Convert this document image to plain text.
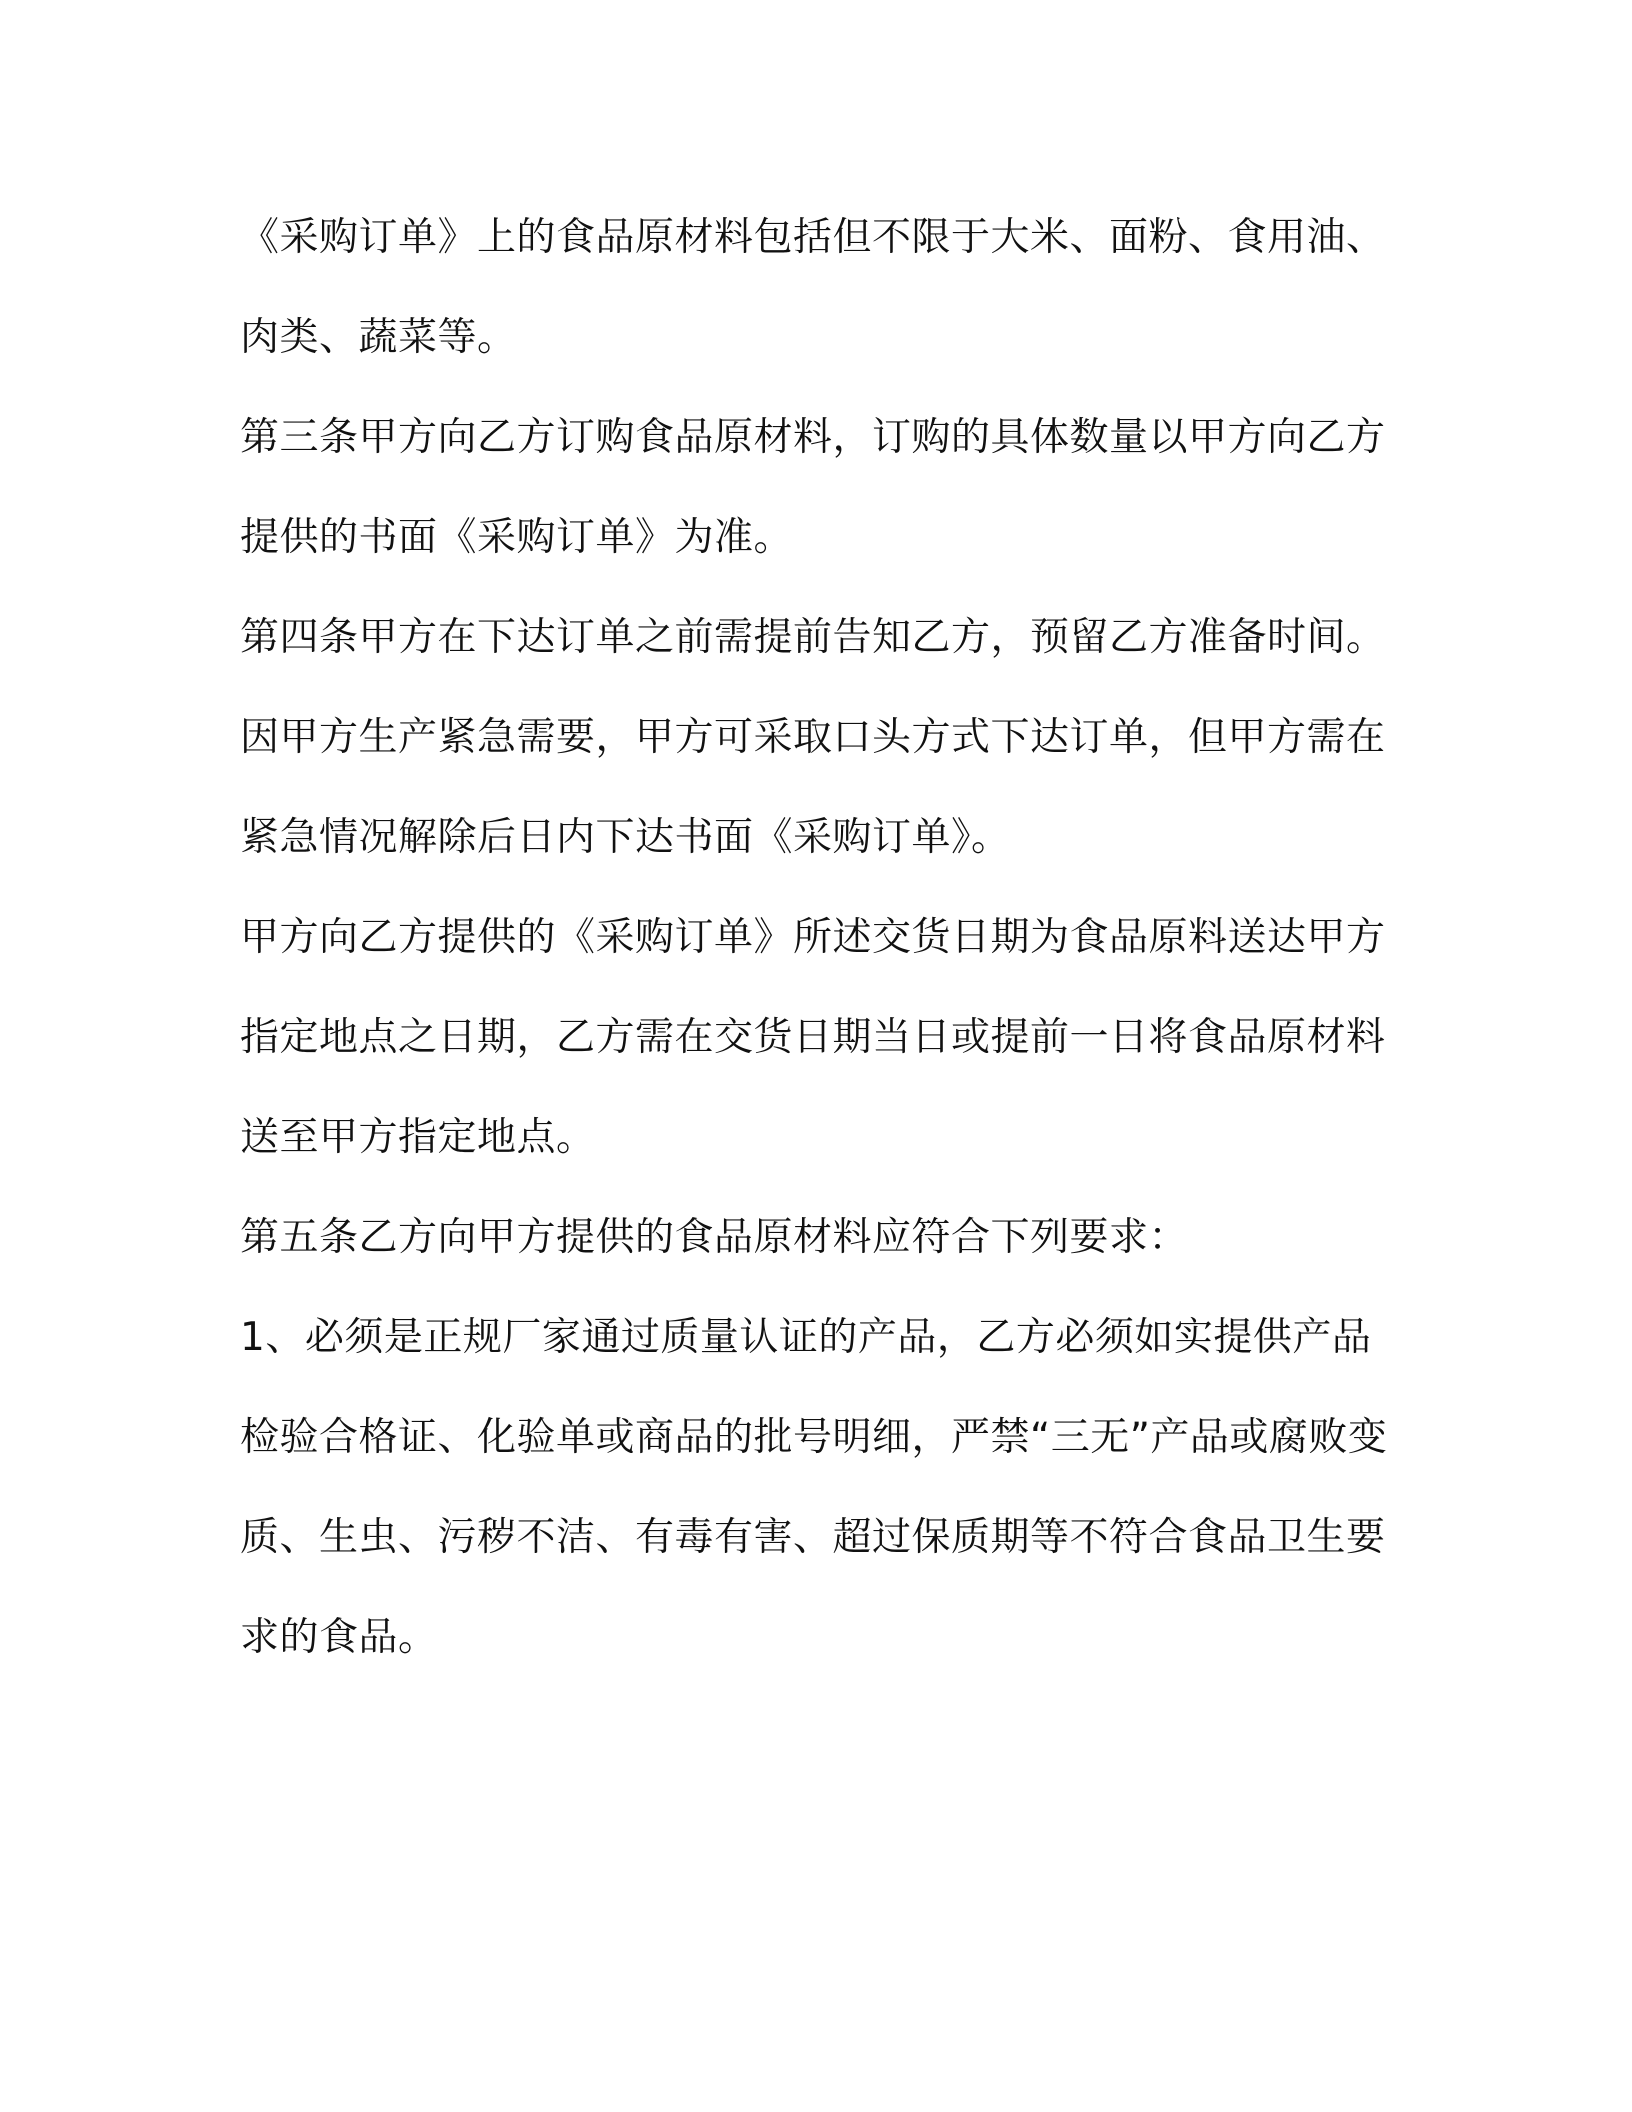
《采购订单》上的食品原材料包括但不限于大米、面粉、食用油、肉类、蔬菜等。

第三条甲方向乙方订购食品原材料，订购的具体数量以甲方向乙方提供的书面《采购订单》为准。

第四条甲方在下达订单之前需提前告知乙方，预留乙方准备时间。因甲方生产紧急需要，甲方可采取口头方式下达订单，但甲方需在紧急情况解除后日内下达书面《采购订单》。

甲方向乙方提供的《采购订单》所述交货日期为食品原料送达甲方指定地点之日期，乙方需在交货日期当日或提前一日将食品原材料送至甲方指定地点。

第五条乙方向甲方提供的食品原材料应符合下列要求：

1、必须是正规厂家通过质量认证的产品，乙方必须如实提供产品检验合格证、化验单或商品的批号明细，严禁“三无”产品或腐败变质、生虫、污秽不洁、有毒有害、超过保质期等不符合食品卫生要求的食品。
